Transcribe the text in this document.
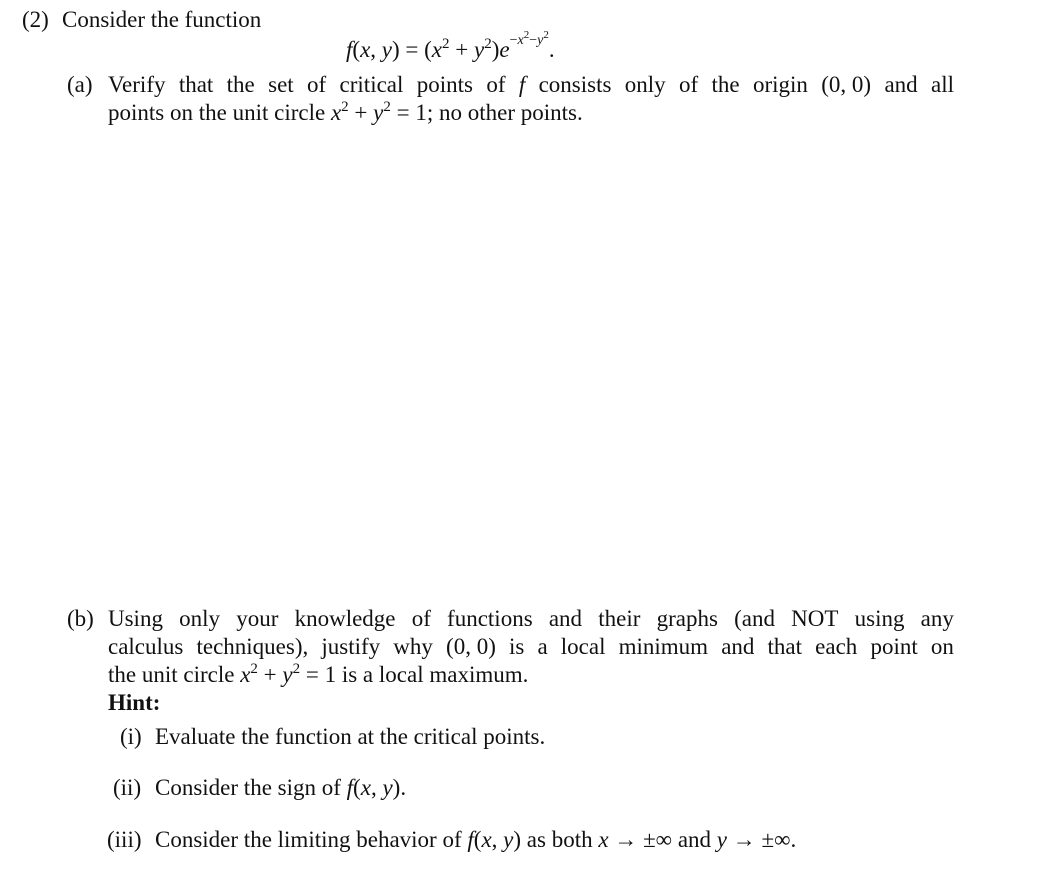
(2) Consider the function
f(x, $y) = (x^2 + y^2)e^{-x^2-y^2}$.
(a) Verify that the set of critical points of f consists only of the origin (0, 0) and all
points on the unit circle $x^2 + y^2 = 1$; no other points.
(b) Using only your knowledge of functions and their graphs (and NOT using any
calculus techniques), justify why (0, 0) is a local minimum and that each point on
the unit circle $x^2 + y^2 = 1$ is a local maximum.
Hint:
(i) Evaluate the function at the critical points.
(ii) Consider the sign of f(x, y).
(iii) Consider the limiting behavior of f(x, y) as both x → ±∞ and y → ±∞.
